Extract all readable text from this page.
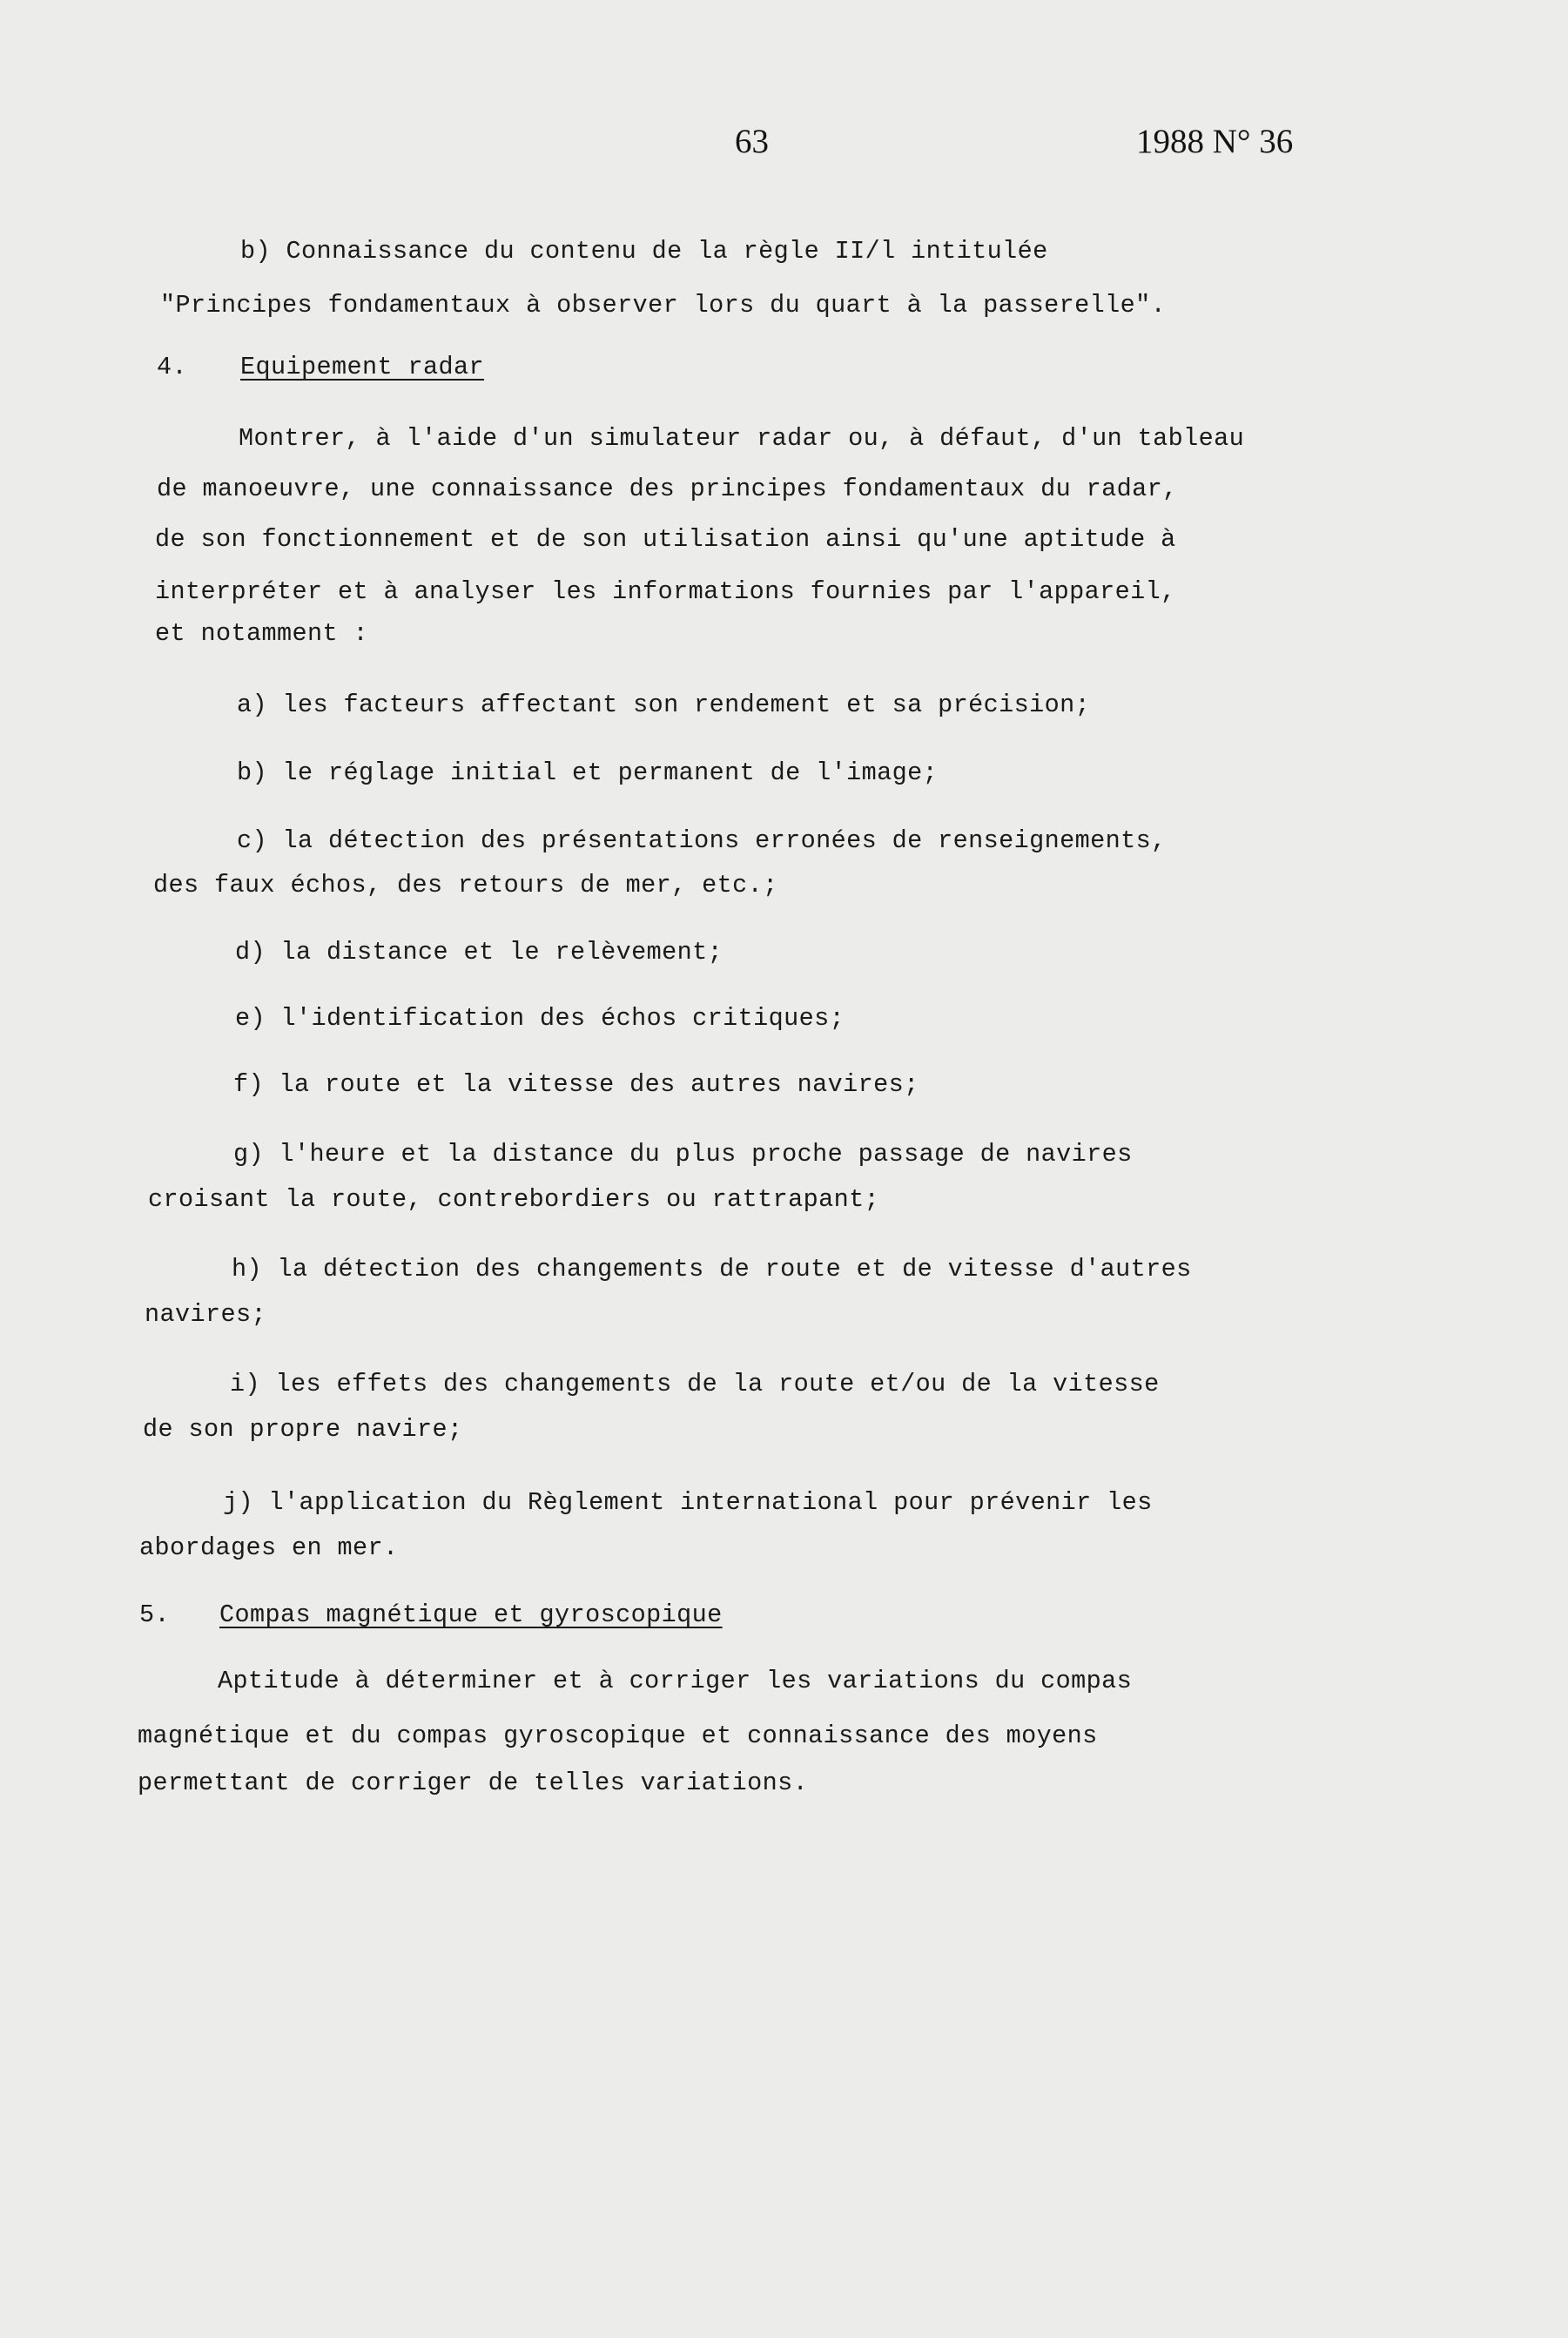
63	1988 N° 36
b) Connaissance du contenu de la règle II/l intitulée
"Principes fondamentaux à observer lors du quart à la passerelle".
4. Equipement radar
Montrer, à l'aide d'un simulateur radar ou, à défaut, d'un tableau
de manoeuvre, une connaissance des principes fondamentaux du radar,
de son fonctionnement et de son utilisation ainsi qu'une aptitude à
interpréter et à analyser les informations fournies par l'appareil,
et notamment :
a) les facteurs affectant son rendement et sa précision;
b) le réglage initial et permanent de l'image;
c) la détection des présentations erronées de renseignements,
des faux échos, des retours de mer, etc.;
d) la distance et le relèvement;
e) l'identification des échos critiques;
f) la route et la vitesse des autres navires;
g) l'heure et la distance du plus proche passage de navires
croisant la route, contrebordiers ou rattrapant;
h) la détection des changements de route et de vitesse d'autres
navires;
i) les effets des changements de la route et/ou de la vitesse
de son propre navire;
j) l'application du Règlement international pour prévenir les
abordages en mer.
5. Compas magnétique et gyroscopique
Aptitude à déterminer et à corriger les variations du compas
magnétique et du compas gyroscopique et connaissance des moyens
permettant de corriger de telles variations.
